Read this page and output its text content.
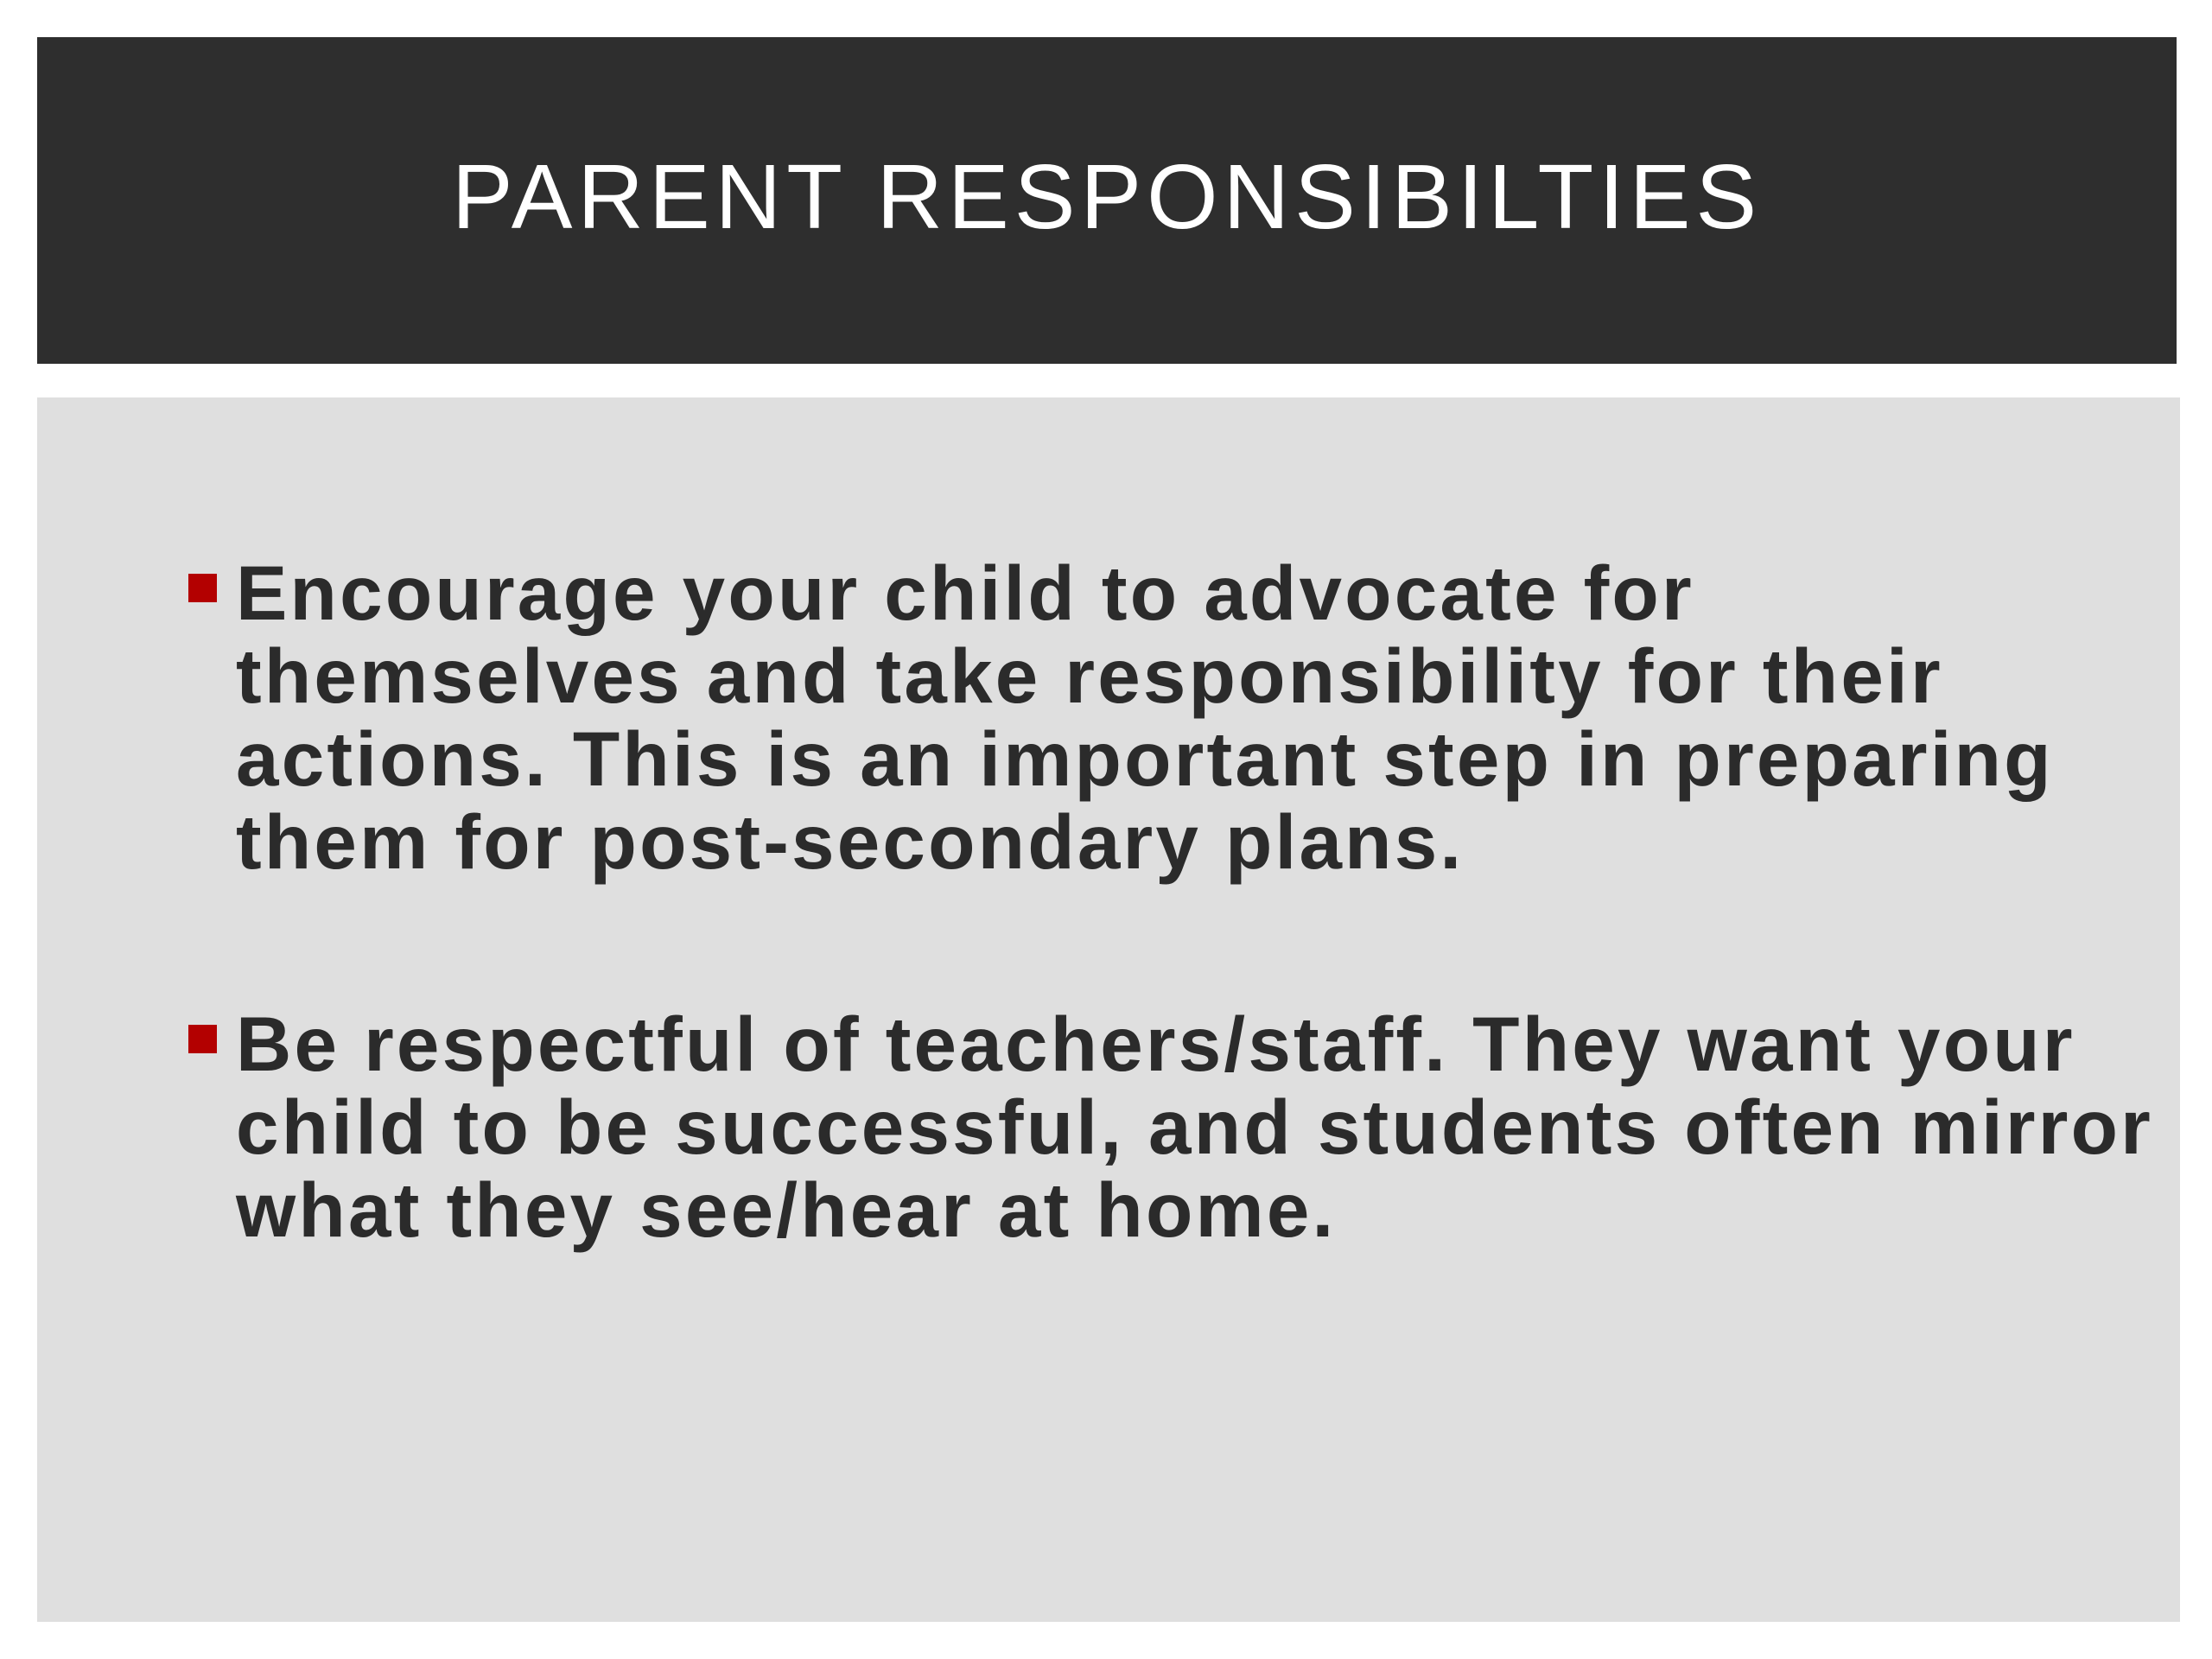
PARENT RESPONSIBILTIES
Encourage your child to advocate for themselves and take responsibility for their actions. This is an important step in preparing them for post-secondary plans.
Be respectful of teachers/staff. They want your child to be successful, and students often mirror what they see/hear at home.
